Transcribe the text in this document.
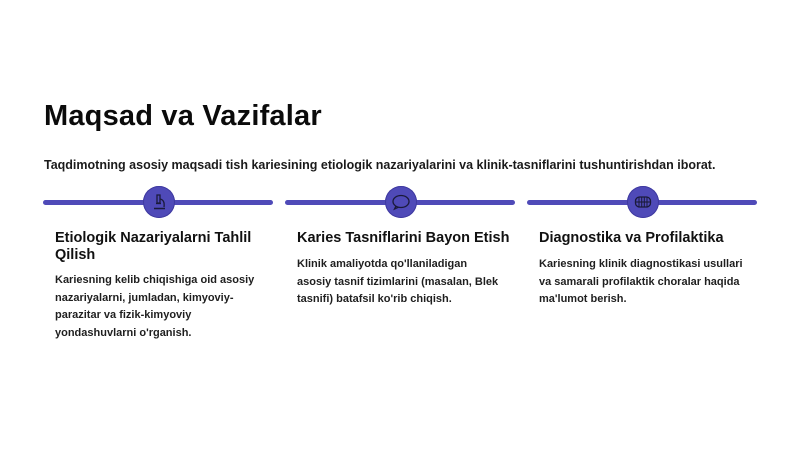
Maqsad va Vazifalar

Taqdimotning asosiy maqsadi tish kariesining etiologik nazariyalarini va klinik-tasniflarini tushuntirishdan iborat.

Etiologik Nazariyalarni Tahlil Qilish

Kariesning kelib chiqishiga oid asosiy nazariyalarni, jumladan, kimyoviy-parazitar va fizik-kimyoviy yondashuvlarni o'rganish.

Karies Tasniflarini Bayon Etish

Klinik amaliyotda qo'llaniladigan asosiy tasnif tizimlarini (masalan, Blek tasnifi) batafsil ko'rib chiqish.

Diagnostika va Profilaktika

Kariesning klinik diagnostikasi usullari va samarali profilaktik choralar haqida ma'lumot berish.
